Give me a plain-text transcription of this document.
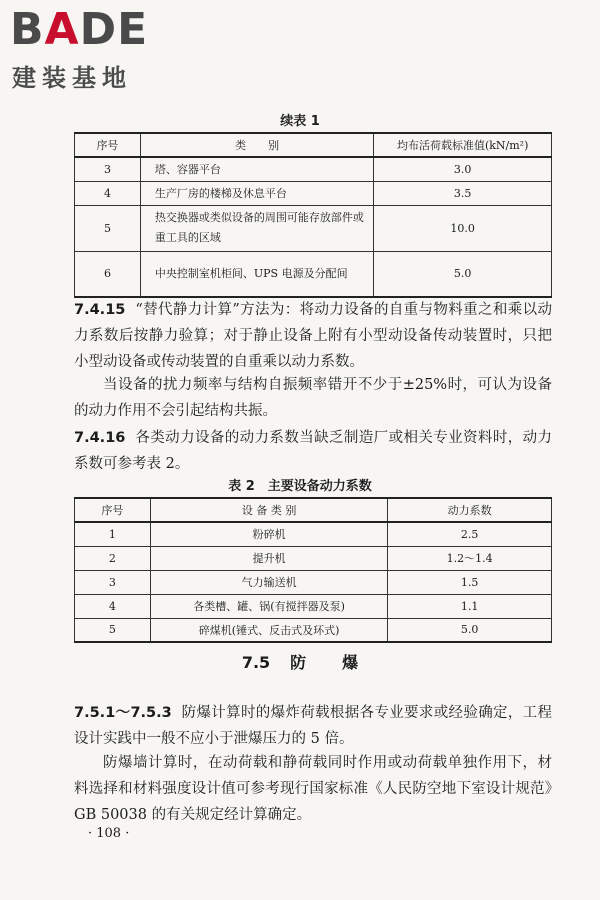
BADE
建装基地
续表 1
序号	类　　别	均布活荷载标准值(kN/m²)
3	塔、容器平台	3.0
4	生产厂房的楼梯及休息平台	3.5
5	热交换器或类似设备的周围可能存放部件或重工具的区域	10.0
6	中央控制室机柜间、UPS 电源及分配间	5.0
7.4.15 “替代静力计算”方法为：将动力设备的自重与物料重之和乘以动力系数后按静力验算；对于静止设备上附有小型动设备传动装置时，只把小型动设备或传动装置的自重乘以动力系数。
当设备的扰力频率与结构自振频率错开不少于±25%时，可认为设备的动力作用不会引起结构共振。
7.4.16 各类动力设备的动力系数当缺乏制造厂或相关专业资料时，动力系数可参考表 2。
表 2　主要设备动力系数
序号	设 备 类 别	动力系数
1	粉碎机	2.5
2	提升机	1.2～1.4
3	气力输送机	1.5
4	各类槽、罐、锅(有搅拌器及泵)	1.1
5	碎煤机(锤式、反击式及环式)	5.0
7.5 防 爆
7.5.1～7.5.3 防爆计算时的爆炸荷载根据各专业要求或经验确定，工程设计实践中一般不应小于泄爆压力的 5 倍。
防爆墙计算时，在动荷载和静荷载同时作用或动荷载单独作用下，材料选择和材料强度设计值可参考现行国家标准《人民防空地下室设计规范》GB 50038 的有关规定经计算确定。
· 108 ·
